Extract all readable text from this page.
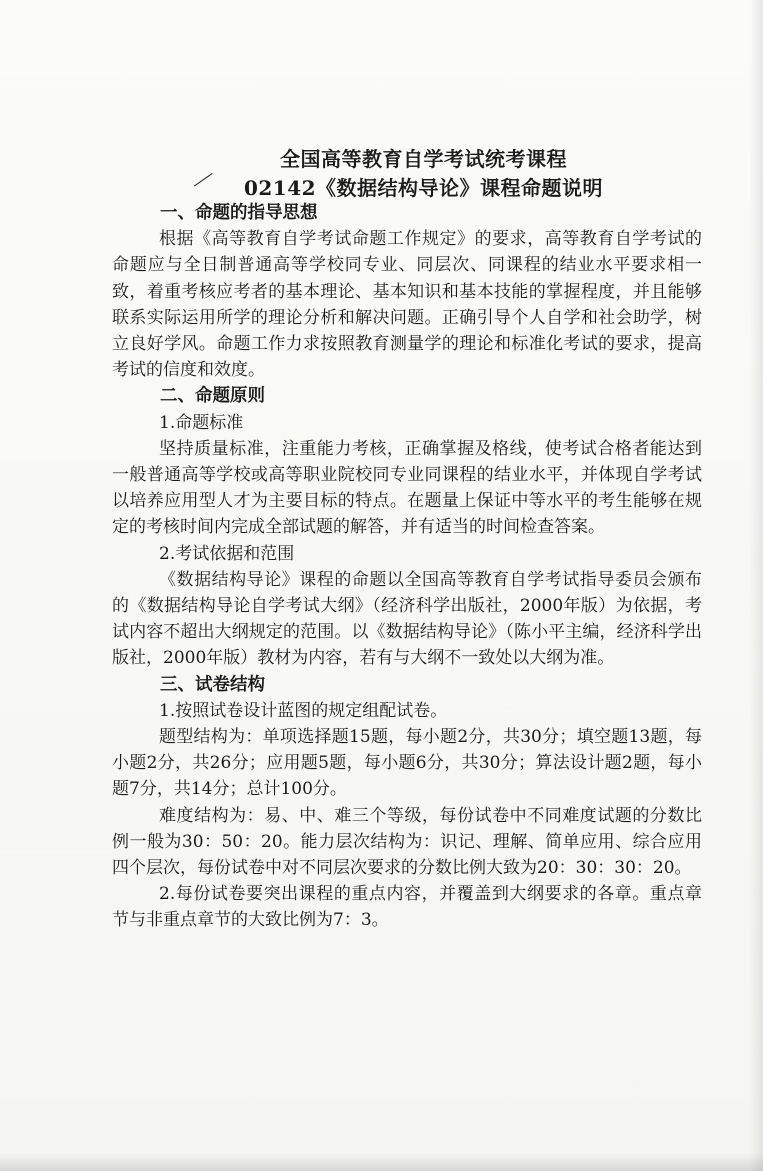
全国高等教育自学考试统考课程
02142《数据结构导论》课程命题说明

一、命题的指导思想

根据《高等教育自学考试命题工作规定》的要求，高等教育自学考试的命题应与全日制普通高等学校同专业、同层次、同课程的结业水平要求相一致，着重考核应考者的基本理论、基本知识和基本技能的掌握程度，并且能够联系实际运用所学的理论分析和解决问题。正确引导个人自学和社会助学，树立良好学风。命题工作力求按照教育测量学的理论和标准化考试的要求，提高考试的信度和效度。

二、命题原则

1.命题标准

坚持质量标准，注重能力考核，正确掌握及格线，使考试合格者能达到一般普通高等学校或高等职业院校同专业同课程的结业水平，并体现自学考试以培养应用型人才为主要目标的特点。在题量上保证中等水平的考生能够在规定的考核时间内完成全部试题的解答，并有适当的时间检查答案。

2.考试依据和范围

《数据结构导论》课程的命题以全国高等教育自学考试指导委员会颁布的《数据结构导论自学考试大纲》（经济科学出版社，2000年版）为依据，考试内容不超出大纲规定的范围。以《数据结构导论》（陈小平主编，经济科学出版社，2000年版）教材为内容，若有与大纲不一致处以大纲为准。

三、试卷结构

1.按照试卷设计蓝图的规定组配试卷。

题型结构为：单项选择题15题，每小题2分，共30分；填空题13题，每小题2分，共26分；应用题5题，每小题6分，共30分；算法设计题2题，每小题7分，共14分；总计100分。

难度结构为：易、中、难三个等级，每份试卷中不同难度试题的分数比例一般为30：50：20。能力层次结构为：识记、理解、简单应用、综合应用四个层次，每份试卷中对不同层次要求的分数比例大致为20：30：30：20。

2.每份试卷要突出课程的重点内容，并覆盖到大纲要求的各章。重点章节与非重点章节的大致比例为7：3。
